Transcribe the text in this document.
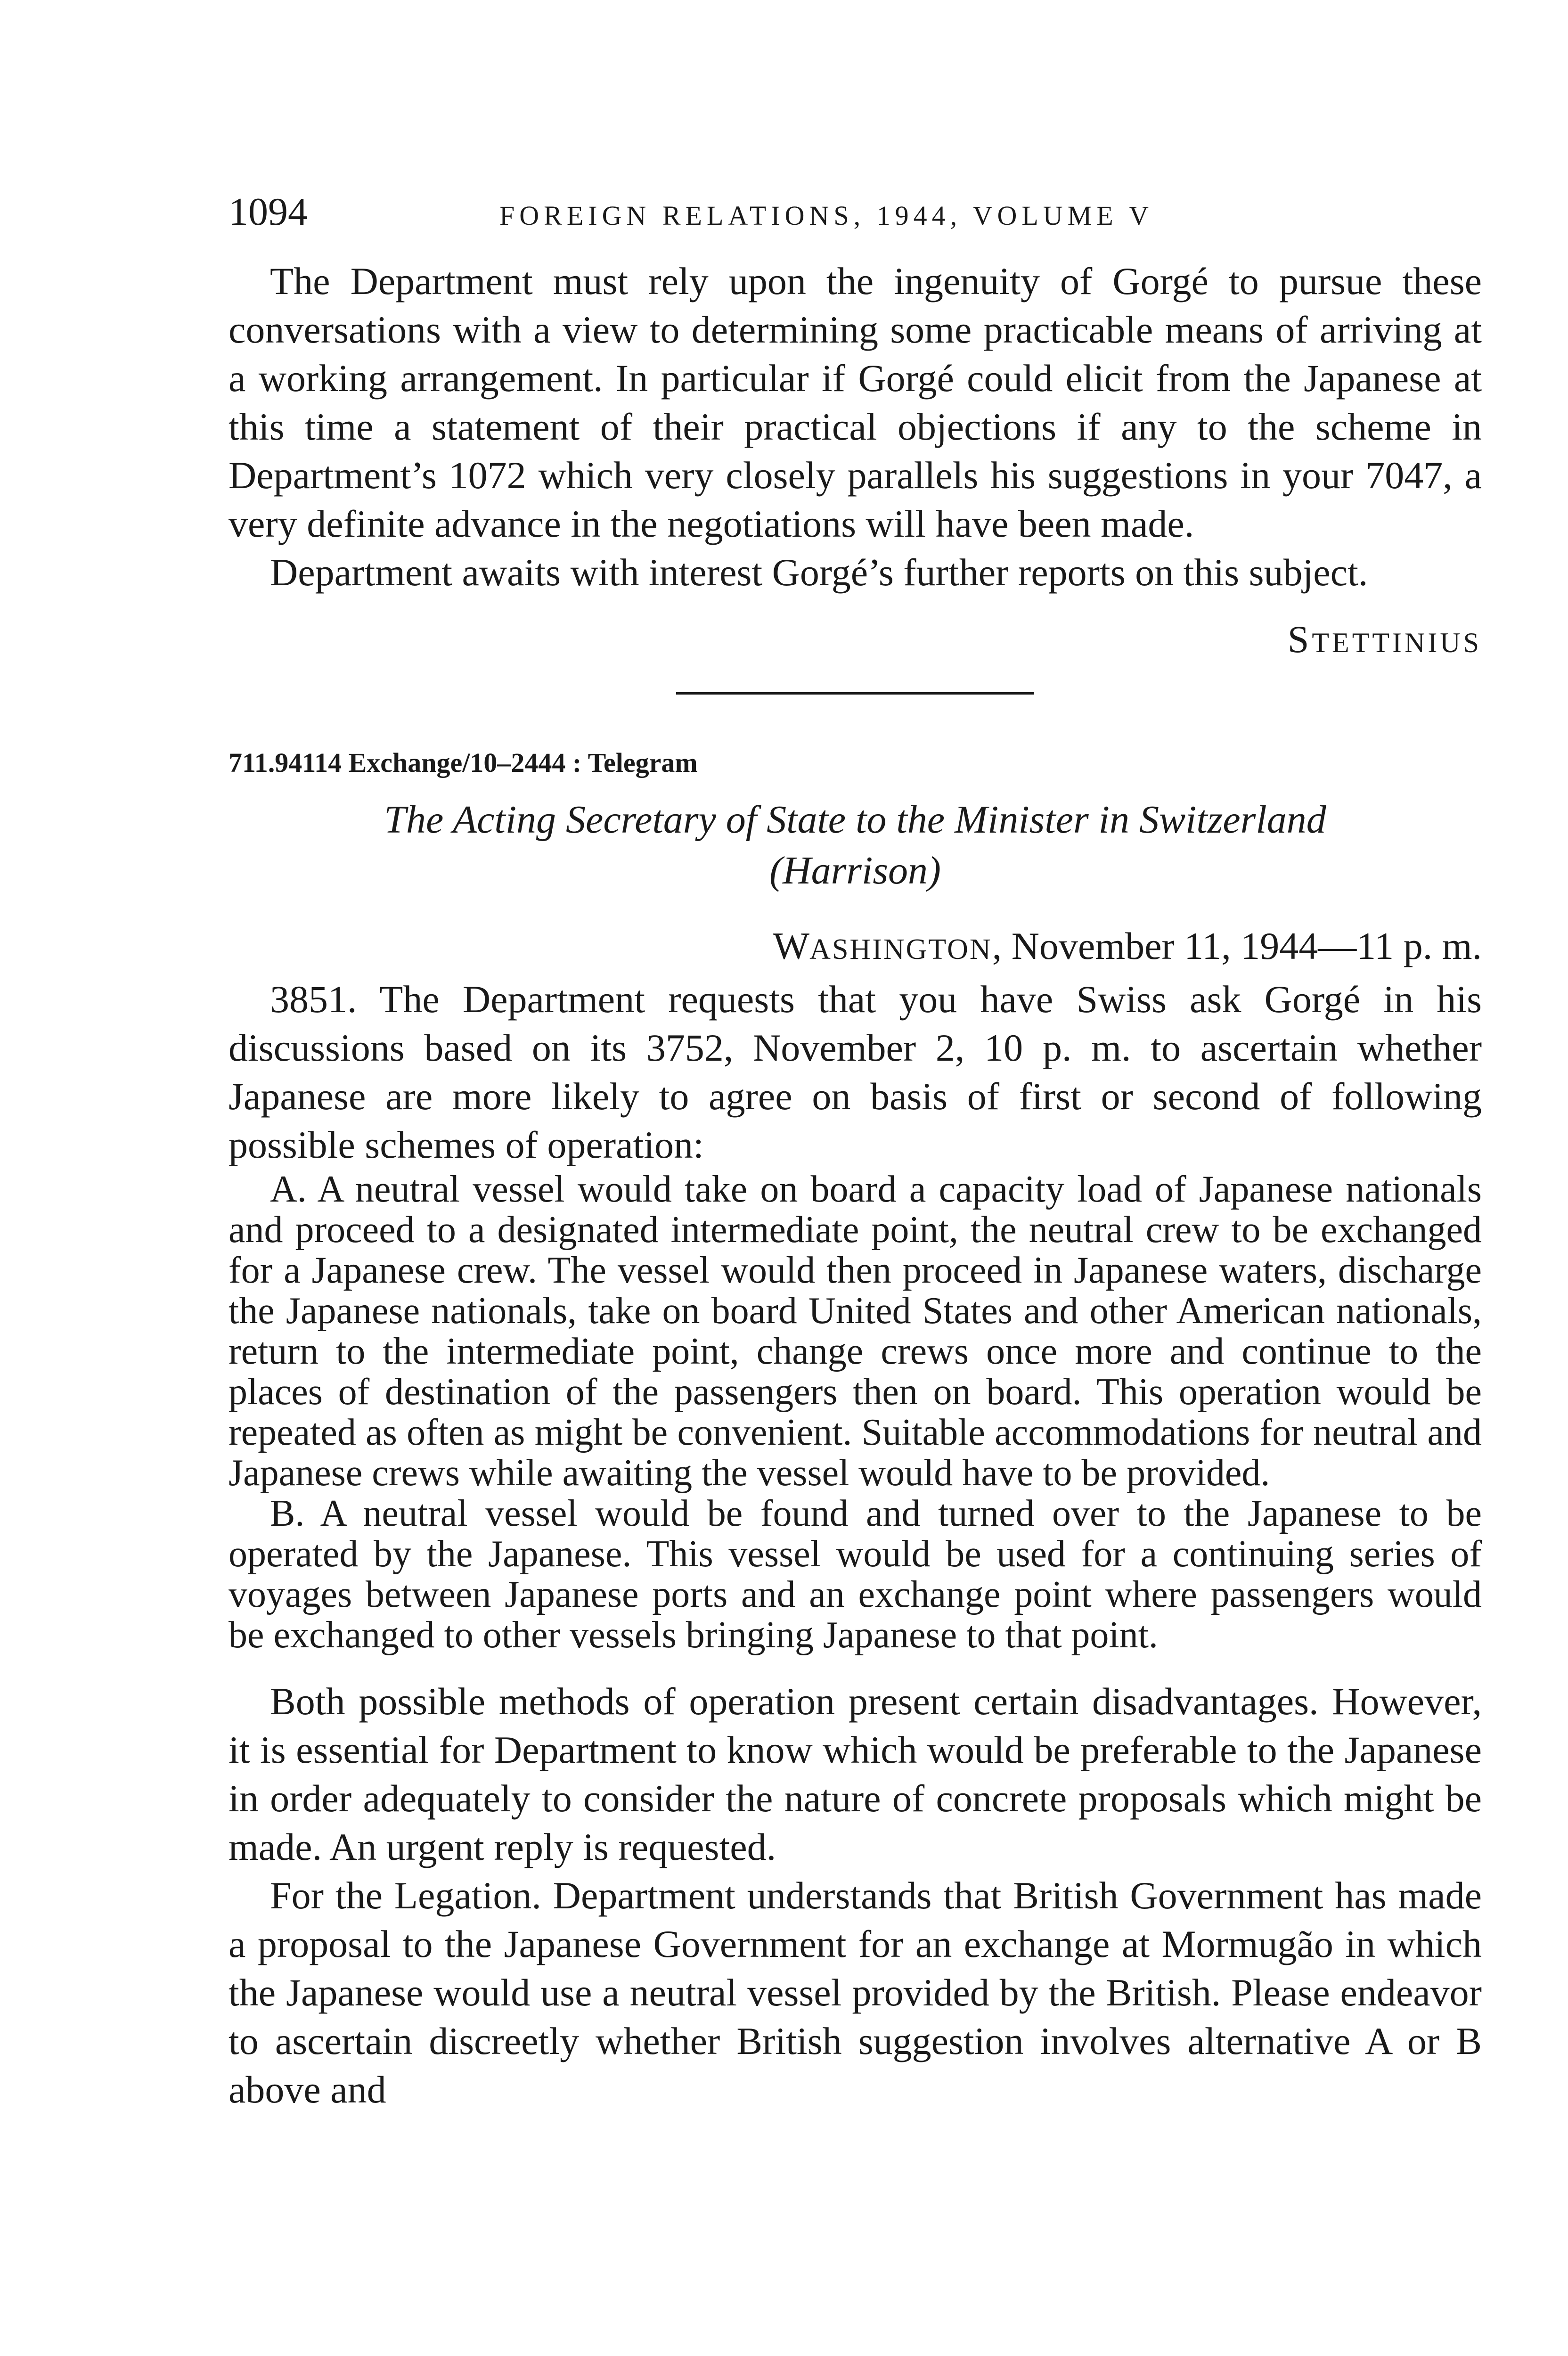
1094	FOREIGN RELATIONS, 1944, VOLUME V

The Department must rely upon the ingenuity of Gorgé to pursue these conversations with a view to determining some practicable means of arriving at a working arrangement. In particular if Gorgé could elicit from the Japanese at this time a statement of their practical objections if any to the scheme in Department’s 1072 which very closely parallels his suggestions in your 7047, a very definite advance in the negotiations will have been made.

Department awaits with interest Gorgé’s further reports on this subject.

STETTINIUS
711.94114 Exchange/10–2444 : Telegram
The Acting Secretary of State to the Minister in Switzerland
(Harrison)
WASHINGTON, November 11, 1944—11 p. m.

3851. The Department requests that you have Swiss ask Gorgé in his discussions based on its 3752, November 2, 10 p. m. to ascertain whether Japanese are more likely to agree on basis of first or second of following possible schemes of operation:

A. A neutral vessel would take on board a capacity load of Japanese nationals and proceed to a designated intermediate point, the neutral crew to be exchanged for a Japanese crew. The vessel would then proceed in Japanese waters, discharge the Japanese nationals, take on board United States and other American nationals, return to the intermediate point, change crews once more and continue to the places of destination of the passengers then on board. This operation would be repeated as often as might be convenient. Suitable accommodations for neutral and Japanese crews while awaiting the vessel would have to be provided.

B. A neutral vessel would be found and turned over to the Japanese to be operated by the Japanese. This vessel would be used for a continuing series of voyages between Japanese ports and an exchange point where passengers would be exchanged to other vessels bringing Japanese to that point.

Both possible methods of operation present certain disadvantages. However, it is essential for Department to know which would be preferable to the Japanese in order adequately to consider the nature of concrete proposals which might be made. An urgent reply is requested.

For the Legation. Department understands that British Government has made a proposal to the Japanese Government for an exchange at Mormugão in which the Japanese would use a neutral vessel provided by the British. Please endeavor to ascertain discreetly whether British suggestion involves alternative A or B above and
